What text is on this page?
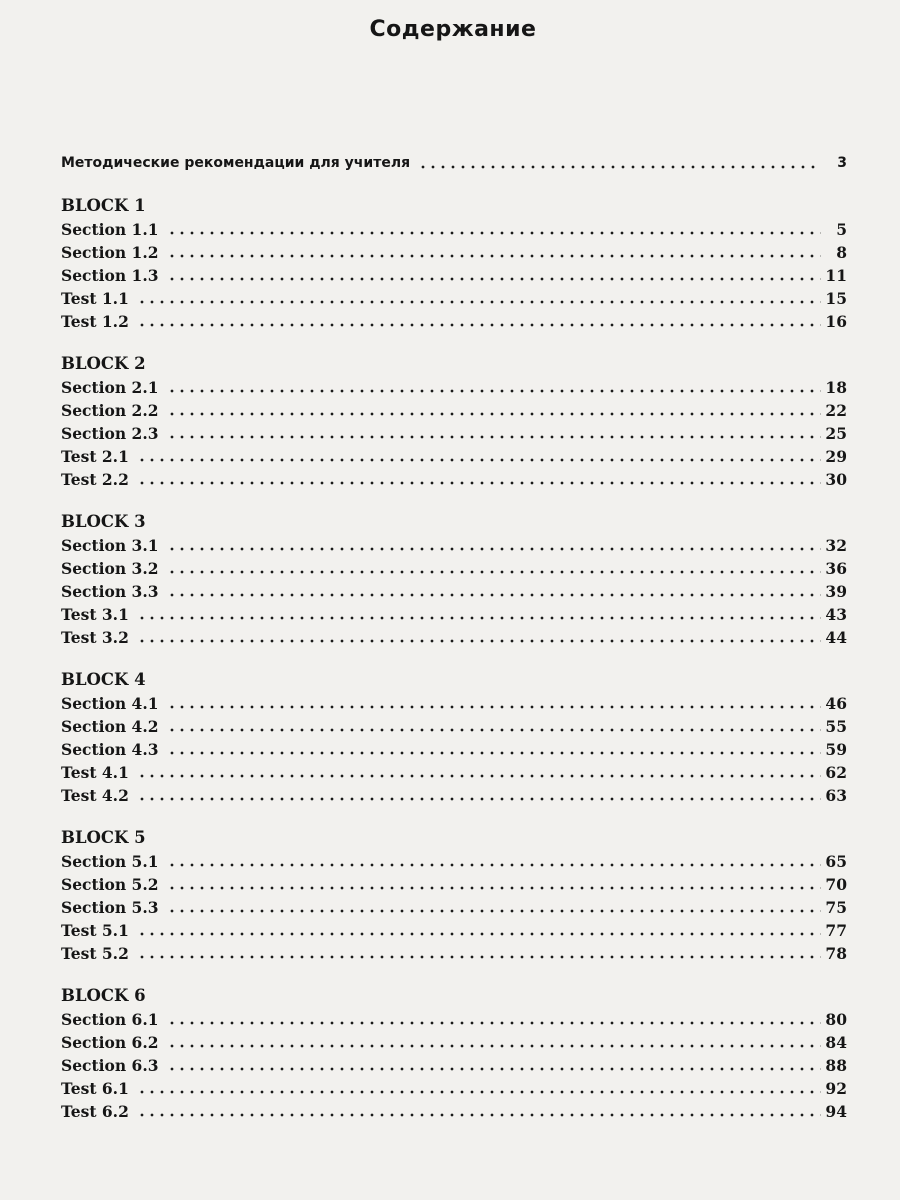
Содержание
Методические рекомендации для учителя	3
BLOCK 1
Section 1.1	5
Section 1.2	8
Section 1.3	11
Test 1.1	15
Test 1.2	16
BLOCK 2
Section 2.1	18
Section 2.2	22
Section 2.3	25
Test 2.1	29
Test 2.2	30
BLOCK 3
Section 3.1	32
Section 3.2	36
Section 3.3	39
Test 3.1	43
Test 3.2	44
BLOCK 4
Section 4.1	46
Section 4.2	55
Section 4.3	59
Test 4.1	62
Test 4.2	63
BLOCK 5
Section 5.1	65
Section 5.2	70
Section 5.3	75
Test 5.1	77
Test 5.2	78
BLOCK 6
Section 6.1	80
Section 6.2	84
Section 6.3	88
Test 6.1	92
Test 6.2	94
